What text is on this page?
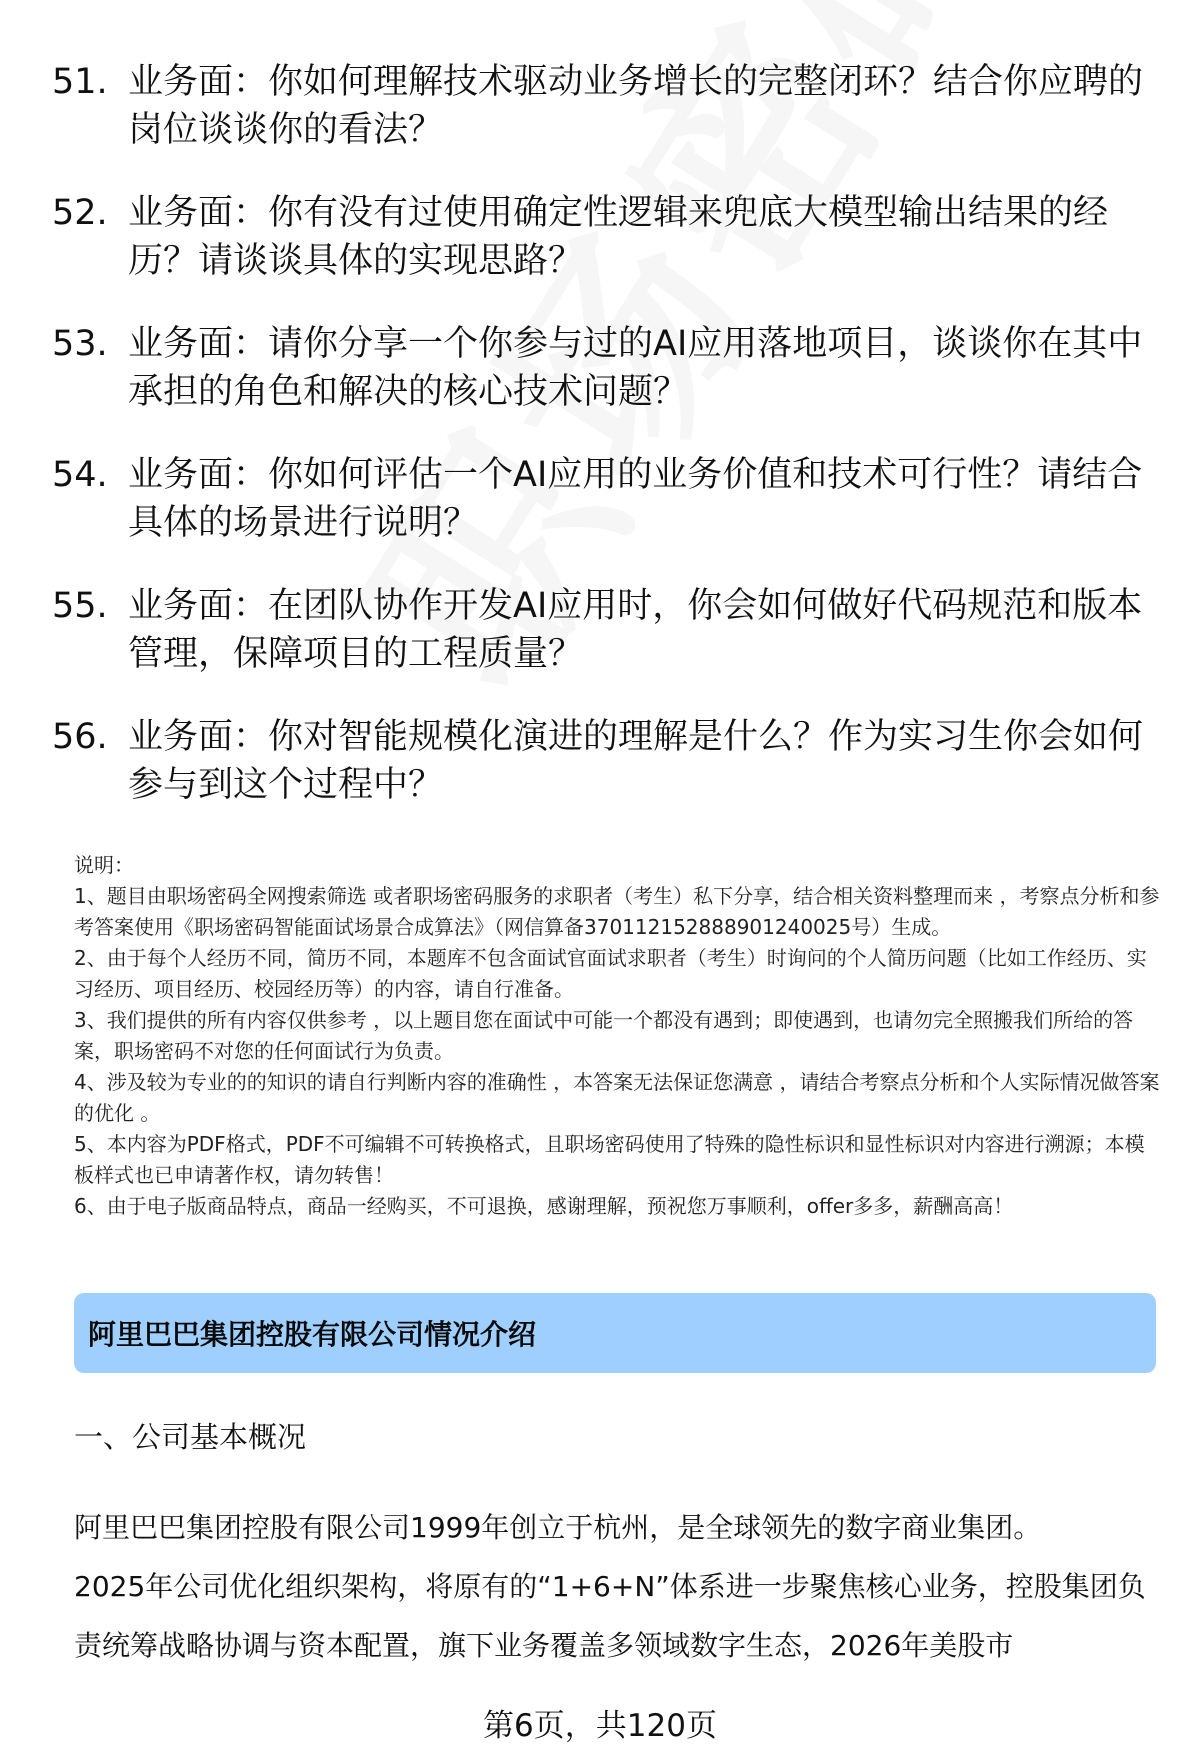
51. 业务面：你如何理解技术驱动业务增长的完整闭环？结合你应聘的岗位谈谈你的看法？
52. 业务面：你有没有过使用确定性逻辑来兜底大模型输出结果的经历？请谈谈具体的实现思路？
53. 业务面：请你分享一个你参与过的AI应用落地项目，谈谈你在其中承担的角色和解决的核心技术问题？
54. 业务面：你如何评估一个AI应用的业务价值和技术可行性？请结合具体的场景进行说明？
55. 业务面：在团队协作开发AI应用时，你会如何做好代码规范和版本管理，保障项目的工程质量？
56. 业务面：你对智能规模化演进的理解是什么？作为实习生你会如何参与到这个过程中？

说明：

1、题目由职场密码全网搜索筛选 或者职场密码服务的求职者（考生）私下分享，结合相关资料整理而来 ，考察点分析和参考答案使用《职场密码智能面试场景合成算法》（网信算备370112152888901240025号）生成。

2、由于每个人经历不同，简历不同，本题库不包含面试官面试求职者（考生）时询问的个人简历问题（比如工作经历、实习经历、项目经历、校园经历等）的内容，请自行准备。

3、我们提供的所有内容仅供参考 ，以上题目您在面试中可能一个都没有遇到；即使遇到，也请勿完全照搬我们所给的答案，职场密码不对您的任何面试行为负责。

4、涉及较为专业的的知识的请自行判断内容的准确性 ，本答案无法保证您满意 ，请结合考察点分析和个人实际情况做答案的优化 。

5、本内容为PDF格式，PDF不可编辑不可转换格式，且职场密码使用了特殊的隐性标识和显性标识对内容进行溯源；本模板样式也已申请著作权，请勿转售！

6、由于电子版商品特点，商品一经购买，不可退换，感谢理解，预祝您万事顺利，offer多多，薪酬高高！

阿里巴巴集团控股有限公司情况介绍
一、公司基本概况

阿里巴巴集团控股有限公司1999年创立于杭州，是全球领先的数字商业集团。

2025年公司优化组织架构，将原有的“1+6+N”体系进一步聚焦核心业务，控股集团负责统筹战略协调与资本配置，旗下业务覆盖多领域数字生态，2026年美股市

第6页，共120页
